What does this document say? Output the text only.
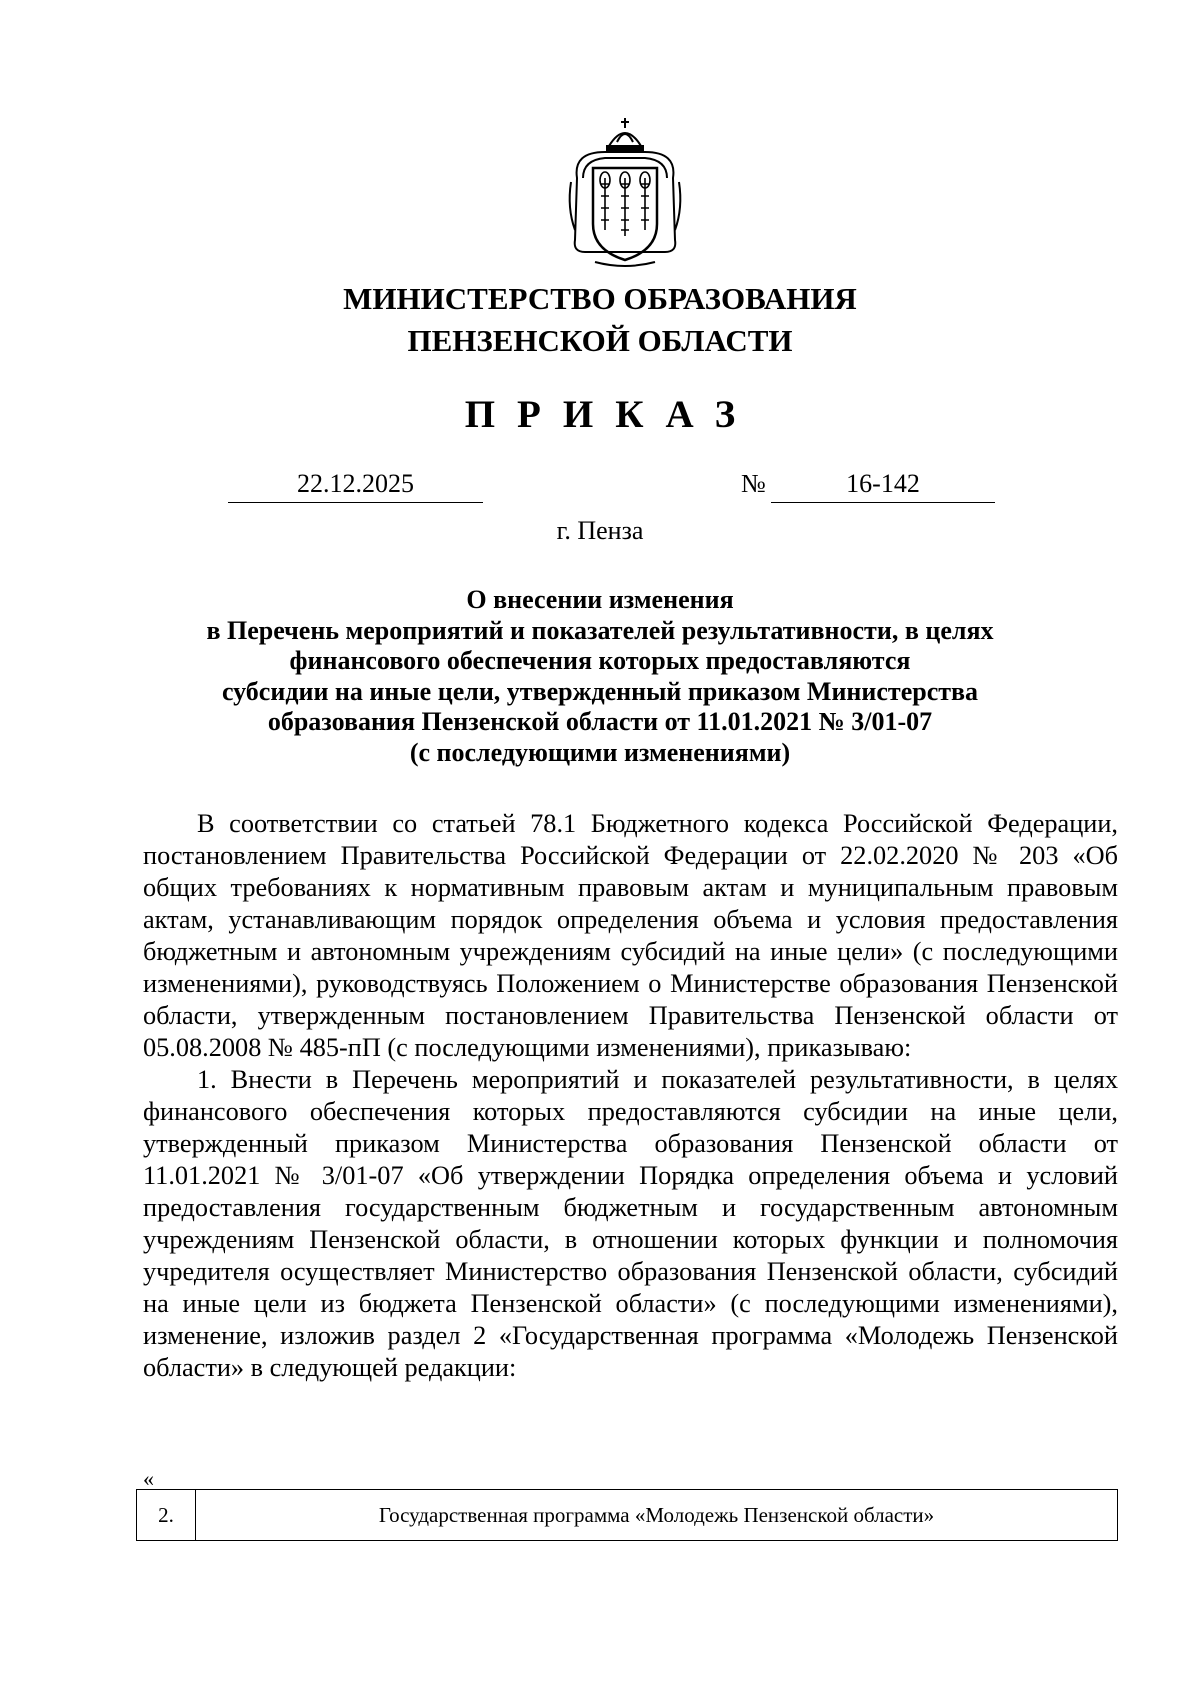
МИНИСТЕРСТВО ОБРАЗОВАНИЯ
ПЕНЗЕНСКОЙ ОБЛАСТИ
ПРИКАЗ
22.12.2025	№	16-142
г. Пенза
О внесении изменения
в Перечень мероприятий и показателей результативности, в целях
финансового обеспечения которых предоставляются
субсидии на иные цели, утвержденный приказом Министерства
образования Пензенской области от 11.01.2021 № 3/01-07
(с последующими изменениями)

В соответствии со статьей 78.1 Бюджетного кодекса Российской Федерации, постановлением Правительства Российской Федерации от 22.02.2020 № 203 «Об общих требованиях к нормативным правовым актам и муниципальным правовым актам, устанавливающим порядок определения объема и условия предоставления бюджетным и автономным учреждениям субсидий на иные цели» (с последующими изменениями), руководствуясь Положением о Министерстве образования Пензенской области, утвержденным постановлением Правительства Пензенской области от 05.08.2008 № 485-пП (с последующими изменениями), приказываю:

1. Внести в Перечень мероприятий и показателей результативности, в целях финансового обеспечения которых предоставляются субсидии на иные цели, утвержденный приказом Министерства образования Пензенской области от 11.01.2021 № 3/01-07 «Об утверждении Порядка определения объема и условий предоставления государственным бюджетным и государственным автономным учреждениям Пензенской области, в отношении которых функции и полномочия учредителя осуществляет Министерство образования Пензенской области, субсидий на иные цели из бюджета Пензенской области» (с последующими изменениями), изменение, изложив раздел 2 «Государственная программа «Молодежь Пензенской области» в следующей редакции:

«
2.	Государственная программа «Молодежь Пензенской области»
